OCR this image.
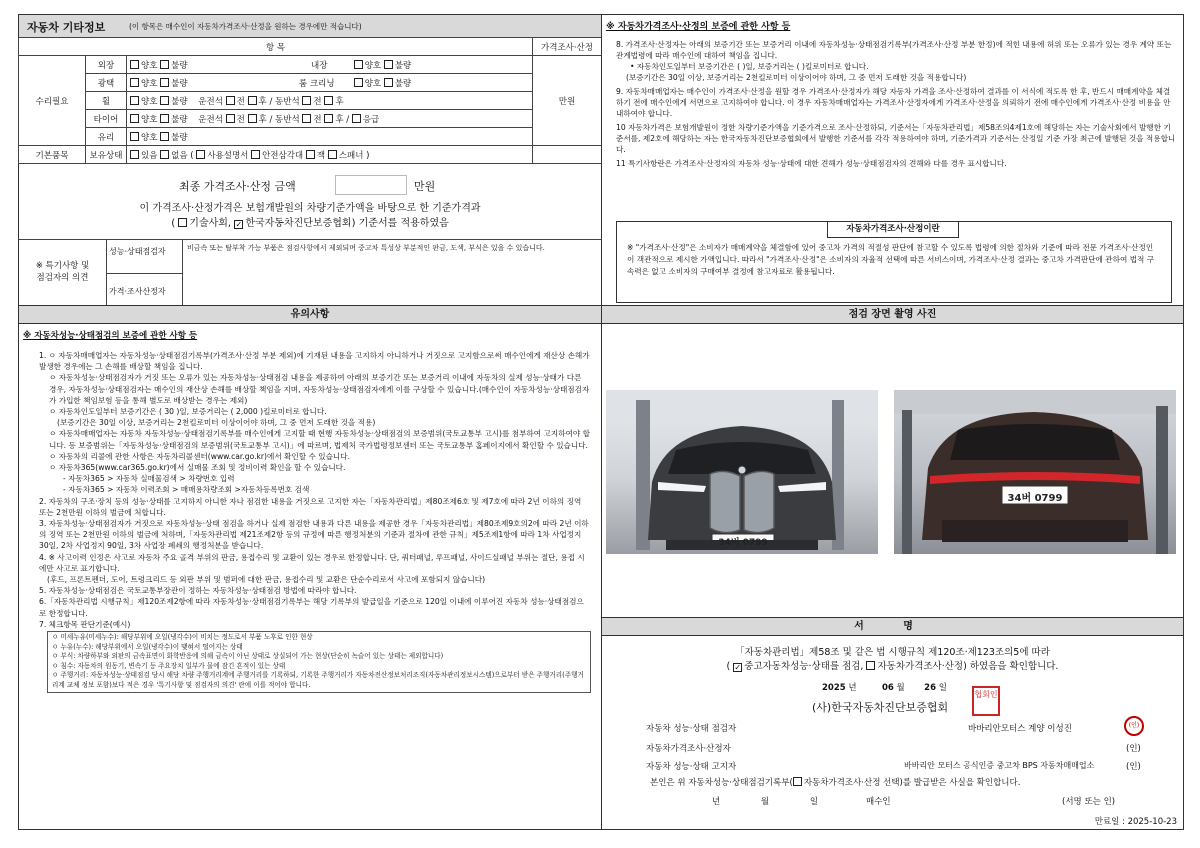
자동차 기타정보	(이 항목은 매수인이 자동차가격조사·산정을 원하는 경우에만 적습니다)
항 목			가격조사·산정
수리필요	외장	양호 불량 내장 양호 불량	만원
	광택	양호 불량 룸 크리닝 양호 불량	
	휠	양호 불량 운전석 전 후 / 동반석 전 후	
	타이어	양호 불량 운전석 전 후 / 동반석 전 후 / 응급	
	유리	양호 불량	
기본품목	보유상태	있음 없음 ( 사용설명서 안전삼각대 잭 스패너 )	
최종 가격조사·산정 금액	만원
이 가격조사·산정가격은 보험개발원의 차량기준가액을 바탕으로 한 기준가격과
( 기술사회, ✓ 한국자동차진단보증협회) 기준서를 적용하였음
※ 특기사항 및
점검자의 의견
성능·상태점검자	비금속 또는 탈부착 가능 부품은 점검사항에서 제외되며 중고차 특성상 부분적인 판금, 도색, 부식은 있을 수 있습니다.
가격·조사산정자
※ 자동차가격조사·산정의 보증에 관한 사항 등
8. 가격조사·산정자는 아래의 보증기간 또는 보증거리 이내에 자동차성능·상태점검기록부(가격조사·산정 부분 한정)에 적힌 내용에 허위 또는 오류가 있는 경우 계약 또는 관계법령에 따라 매수인에 대하여 책임을 집니다.
• 자동차인도일부터 보증기간은 ( )일, 보증거리는 ( )킬로미터로 합니다.
(보증기간은 30일 이상, 보증거리는 2천킬로미터 이상이어야 하며, 그 중 먼저 도래한 것을 적용합니다)
9. 자동차매매업자는 매수인이 가격조사·산정을 원할 경우 가격조사·산정자가 해당 자동차 가격을 조사·산정하여 결과를 이 서식에 적도록 한 후, 반드시 매매계약을 체결하기 전에 매수인에게 서면으로 고지하여야 합니다. 이 경우 자동차매매업자는 가격조사·산정자에게 가격조사·산정을 의뢰하기 전에 매수인에게 가격조사·산정 비용을 안내하여야 합니다.
10 자동차가격은 보험개발원이 정한 차량기준가액을 기준가격으로 조사·산정하되, 기준서는「자동차관리법」제58조의4제1호에 해당하는 자는 기술사회에서 발행한 기준서를, 제2호에 해당하는 자는 한국자동차진단보증협회에서 발행한 기준서를 각각 적용하여야 하며, 기준가격과 기준서는 산정일 기준 가장 최근에 발행된 것을 적용합니다.
11 특기사항란은 가격조사·산정자의 자동차 성능·상태에 대한 견해가 성능·상태점검자의 견해와 다를 경우 표시합니다.
자동차가격조사·산정이란
※ "가격조사·산정"은 소비자가 매매계약을 체결함에 있어 중고차 가격의 적절성 판단에 참고할 수 있도록 법령에 의한 절차와 기준에 따라 전문 가격조사·산정인이 객관적으로 제시한 가액입니다. 따라서 "가격조사·산정"은 소비자의 자율적 선택에 따른 서비스이며, 가격조사·산정 결과는 중고차 가격판단에 관하여 법적 구속력은 없고 소비자의 구매여부 결정에 참고자료로 활용됩니다.
유의사항
※ 자동차성능·상태점검의 보증에 관한 사항 등
1. ㅇ 자동차매매업자는 자동차성능·상태점검기록부(가격조사·산정 부분 제외)에 기재된 내용을 고지하지 아니하거나 거짓으로 고지함으로써 매수인에게 재산상 손해가 발생한 경우에는 그 손해를 배상할 책임을 집니다.
ㅇ 자동차성능·상태점검자가 거짓 또는 오류가 있는 자동차성능·상태점검 내용을 제공하여 아래의 보증기간 또는 보증거리 이내에 자동차의 실제 성능·상태가 다른 경우, 자동차성능·상태점검자는 매수인의 재산상 손해를 배상할 책임을 지며, 자동차성능·상태점검자에게 이를 구상할 수 있습니다.(매수인이 자동차성능·상태점검자가 가입한 책임보험 등을 통해 별도로 배상받는 경우는 제외)
ㅇ 자동차인도일부터 보증기간은 ( 30 )일, 보증거리는 ( 2,000 )킬로미터로 합니다.
(보증기간은 30일 이상, 보증거리는 2천킬로미터 이상이어야 하며, 그 중 먼저 도래한 것을 적용)
ㅇ 자동차매매업자는 자동차 자동차성능·상태점검기록부를 매수인에게 고지할 때 현행 자동차성능·상태점검의 보증범위(국토교통부 고시)를 첨부하여 고지하여야 합니다. 등 보증범위는「자동차성능·상태점검의 보증범위(국토교통부 고시)」에 따르며, 법제처 국가법령정보센터 또는 국토교통부 홈페이지에서 확인할 수 있습니다.
ㅇ 자동차의 리콜에 관한 사항은 자동차리콜센터(www.car.go.kr)에서 확인할 수 있습니다.
ㅇ 자동차365(www.car365.go.kr)에서 실매물 조회 및 정비이력 확인을 할 수 있습니다.
- 자동차365 > 자동차 실매물검색 > 차량번호 입력
- 자동차365 > 자동차 이력조회 > 매매용차량조회 >자동차등록번호 검색
2. 자동차의 구조·장치 등의 성능·상태를 고지하지 아니한 자나 점검한 내용을 거짓으로 고지한 자는「자동차관리법」제80조제6호 및 제7호에 따라 2년 이하의 징역 또는 2천만원 이하의 벌금에 처합니다.
3. 자동차성능·상태점검자가 거짓으로 자동차성능·상태 점검을 하거나 실제 점검한 내용과 다른 내용을 제공한 경우「자동차관리법」제80조제9호의2에 따라 2년 이하의 징역 또는 2천만원 이하의 벌금에 처하며,「자동차관리법 제21조제2항 등의 규정에 따른 행정처분의 기준과 절차에 관한 규칙」제5조제1항에 따라 1차 사업정지 30일, 2차 사업정지 90일, 3차 사업장 폐쇄의 행정처분을 받습니다.
4. ※ 사고이력 인정은 사고로 자동차 주요 골격 부위의 판금, 용접수리 및 교환이 있는 경우로 한정합니다. 단, 쿼터패널, 루프패널, 사이드실패널 부위는 절단, 용접 시에만 사고로 표기합니다.
(후드, 프론트펜더, 도어, 트렁크리드 등 외판 부위 및 범퍼에 대한 판금, 용접수리 및 교환은 단순수리로서 사고에 포함되지 않습니다)
5. 자동차성능·상태점검은 국토교통부장관이 정하는 자동차성능·상태점검 방법에 따라야 합니다.
6.「자동차관리법 시행규칙」제120조제2항에 따라 자동차성능·상태점검기록부는 해당 기록부의 발급일을 기준으로 120일 이내에 이루어진 자동차 성능·상태점검으로 한정합니다.
7. 체크항목 판단기준(예시)
ㅇ 미세누유(미세누수): 해당부위에 오일(냉각수)이 비치는 정도로서 부품 노후로 인한 현상
ㅇ 누유(누수): 해당부위에서 오일(냉각수)이 맺혀서 떨어지는 상태
ㅇ 부식: 차량하부와 외판의 금속표면이 화학반응에 의해 금속이 아닌 상태로 상실되어 가는 현상(단순히 녹슬어 있는 상태는 제외합니다)
ㅇ 침수: 자동차의 원동기, 변속기 등 주요장치 일부가 물에 잠긴 흔적이 있는 상태
ㅇ 주행거리: 자동차성능·상태점검 당시 해당 차량 주행거리계에 주행거리를 기록하되, 기록한 주행거리가 자동차전산정보처리조직(자동차관리정보시스템)으로부터 받은 주행거리(주행거리계 교체 정보 포함)보다 적은 경우 '특기사항 및 점검자의 의견' 란에 이를 적어야 합니다.
점검 장면 촬영 사진
34버 0799
34버 0799
서 명
「자동차관리법」제58조 및 같은 법 시행규칙 제120조·제123조의5에 따라
( ✓중고자동차성능·상태를 점검, 자동차가격조사·산정) 하였음을 확인합니다.
2025 년	06 월 26 일
(사)한국자동차진단보증협회
협회인
자동차 성능·상태 점검자	바바리안모터스 계양 이성진	(인)
자동차가격조사·산정자	(인)
자동차 성능·상태 고지자	바바리안 모터스 공식인증 중고차 BPS 자동차매매업소	(인)
본인은 위 자동차성능·상태점검기록부( 자동차가격조사·산정 선택)를 발급받은 사실을 확인합니다.
년 월 일	매수인	(서명 또는 인)
만료일 : 2025-10-23
